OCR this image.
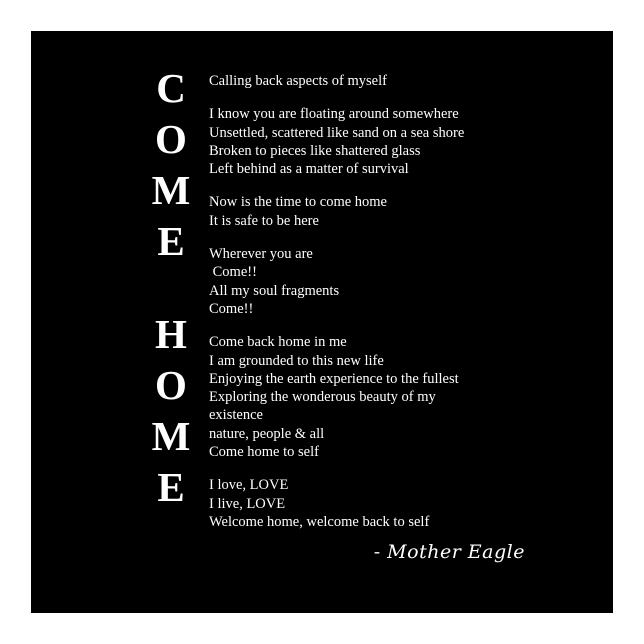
C
O
M
E
H
O
M
E
Calling back aspects of myself
I know you are floating around somewhere
Unsettled, scattered like sand on a sea shore
Broken to pieces like shattered glass
Left behind as a matter of survival
Now is the time to come home
It is safe to be here
Wherever you are
Come!!
All my soul fragments
Come!!
Come back home in me
I am grounded to this new life
Enjoying the earth experience to the fullest
Exploring the wonderous beauty of my
existence
nature, people & all
Come home to self
I love, LOVE
I live, LOVE
Welcome home, welcome back to self
- Mother Eagle
